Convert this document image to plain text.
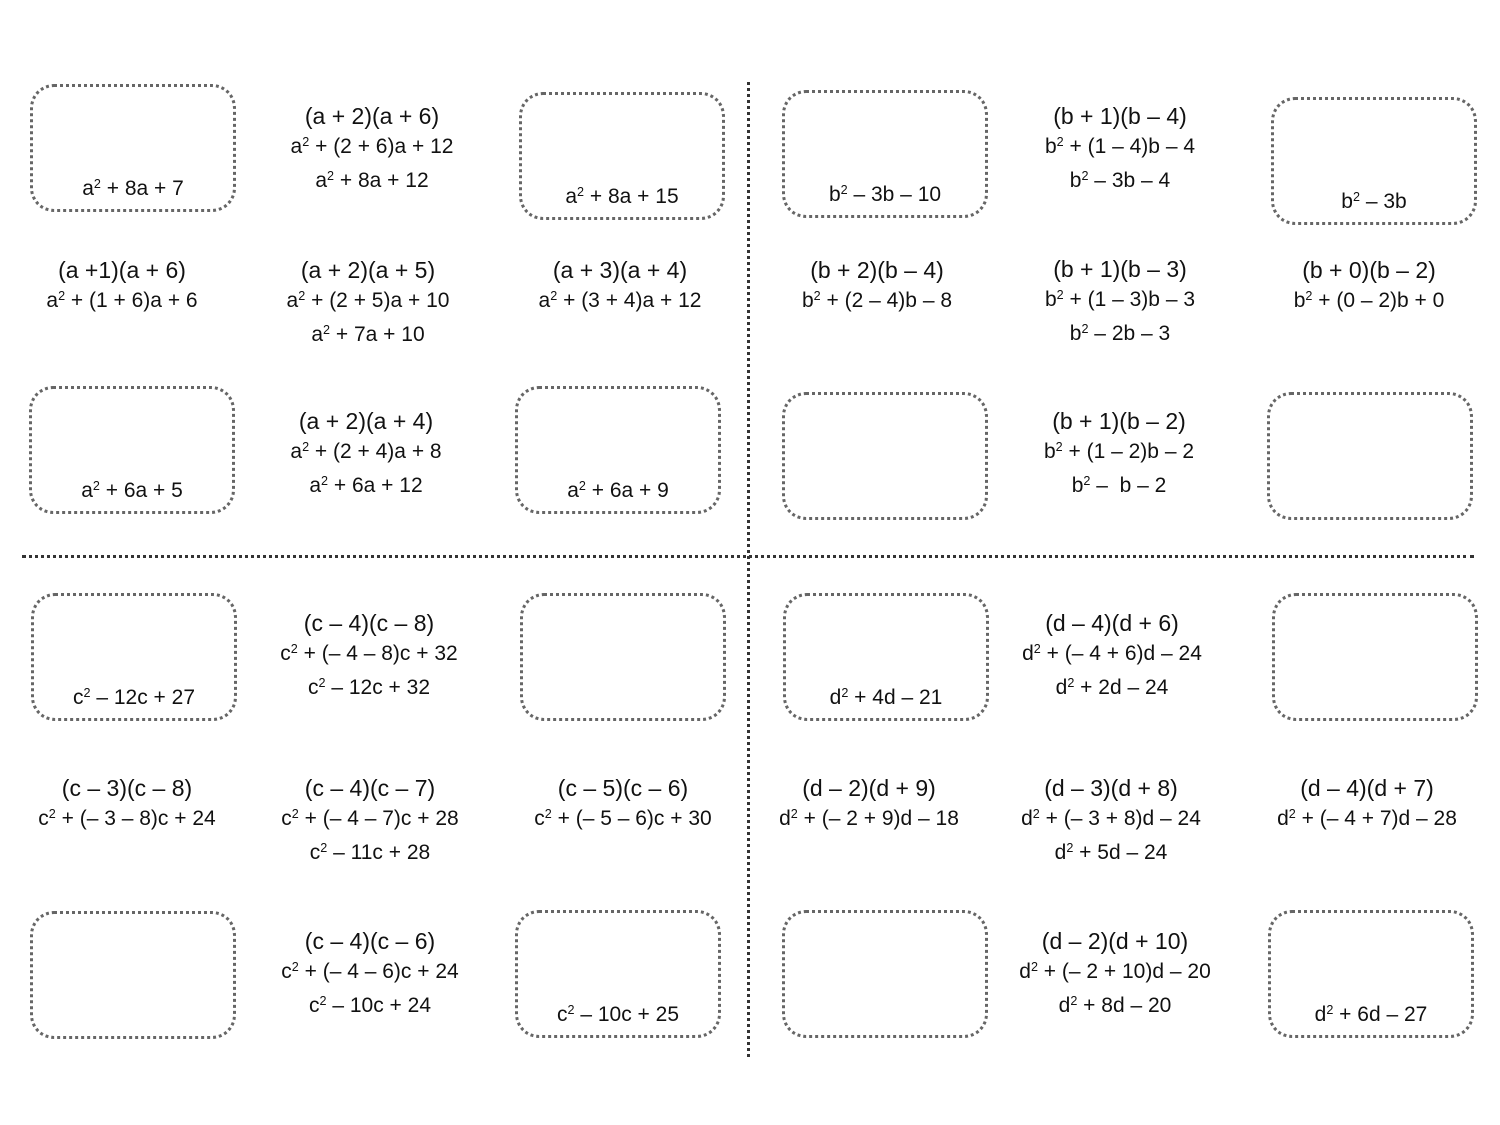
$a^2 + 8a + 7$	$a^2 + 8a + 15$
$a^2 + 6a + 5$	$a^2 + 6a + 9$
(a + 2)(a + 6)
$a^2 + (2 + 6)a + 12$
$a^2 + 8a + 12$
(a +1)(a + 6)
$a^2 + (1 + 6)a + 6$
(a + 2)(a + 5)
$a^2 + (2 + 5)a + 10$
$a^2 + 7a + 10$
(a + 3)(a + 4)
$a^2 + (3 + 4)a + 12$
(a + 2)(a + 4)
$a^2 + (2 + 4)a + 8$
$a^2 + 6a + 12$
$b^2 - 3b - 10$	$b^2 - 3b$
(b + 1)(b – 4)
$b^2 + (1 - 4)b - 4$
$b^2 - 3b - 4$
(b + 2)(b – 4)
$b^2 + (2 - 4)b - 8$
(b + 1)(b – 3)
$b^2 + (1 - 3)b - 3$
$b^2 - 2b - 3$
(b + 0)(b – 2)
$b^2 + (0 - 2)b + 0$
(b + 1)(b – 2)
$b^2 + (1 - 2)b - 2$
$b^2$ –  b – 2
$c^2 - 12c + 27$
$c^2 - 10c + 25$
(c – 4)(c – 8)
$c^2$ + (– 4 – 8)c + 32
$c^2 - 12c + 32$
(c – 3)(c – 8)
$c^2$ + (– 3 – 8)c + 24
(c – 4)(c – 7)
$c^2$ + (– 4 – 7)c + 28
$c^2 - 11c + 28$
(c – 5)(c – 6)
$c^2$ + (– 5 – 6)c + 30
(c – 4)(c – 6)
$c^2$ + (– 4 – 6)c + 24
$c^2 - 10c + 24$
$d^2 + 4d - 21$
$d^2 + 6d - 27$
(d – 4)(d + 6)
$d^2$ + (– 4 + 6)d – 24
$d^2 + 2d - 24$
(d – 2)(d + 9)
$d^2$ + (– 2 + 9)d – 18
(d – 3)(d + 8)
$d^2$ + (– 3 + 8)d – 24
$d^2 + 5d - 24$
(d – 4)(d + 7)
$d^2$ + (– 4 + 7)d – 28
(d – 2)(d + 10)
$d^2$ + (– 2 + 10)d – 20
$d^2 + 8d - 20$
